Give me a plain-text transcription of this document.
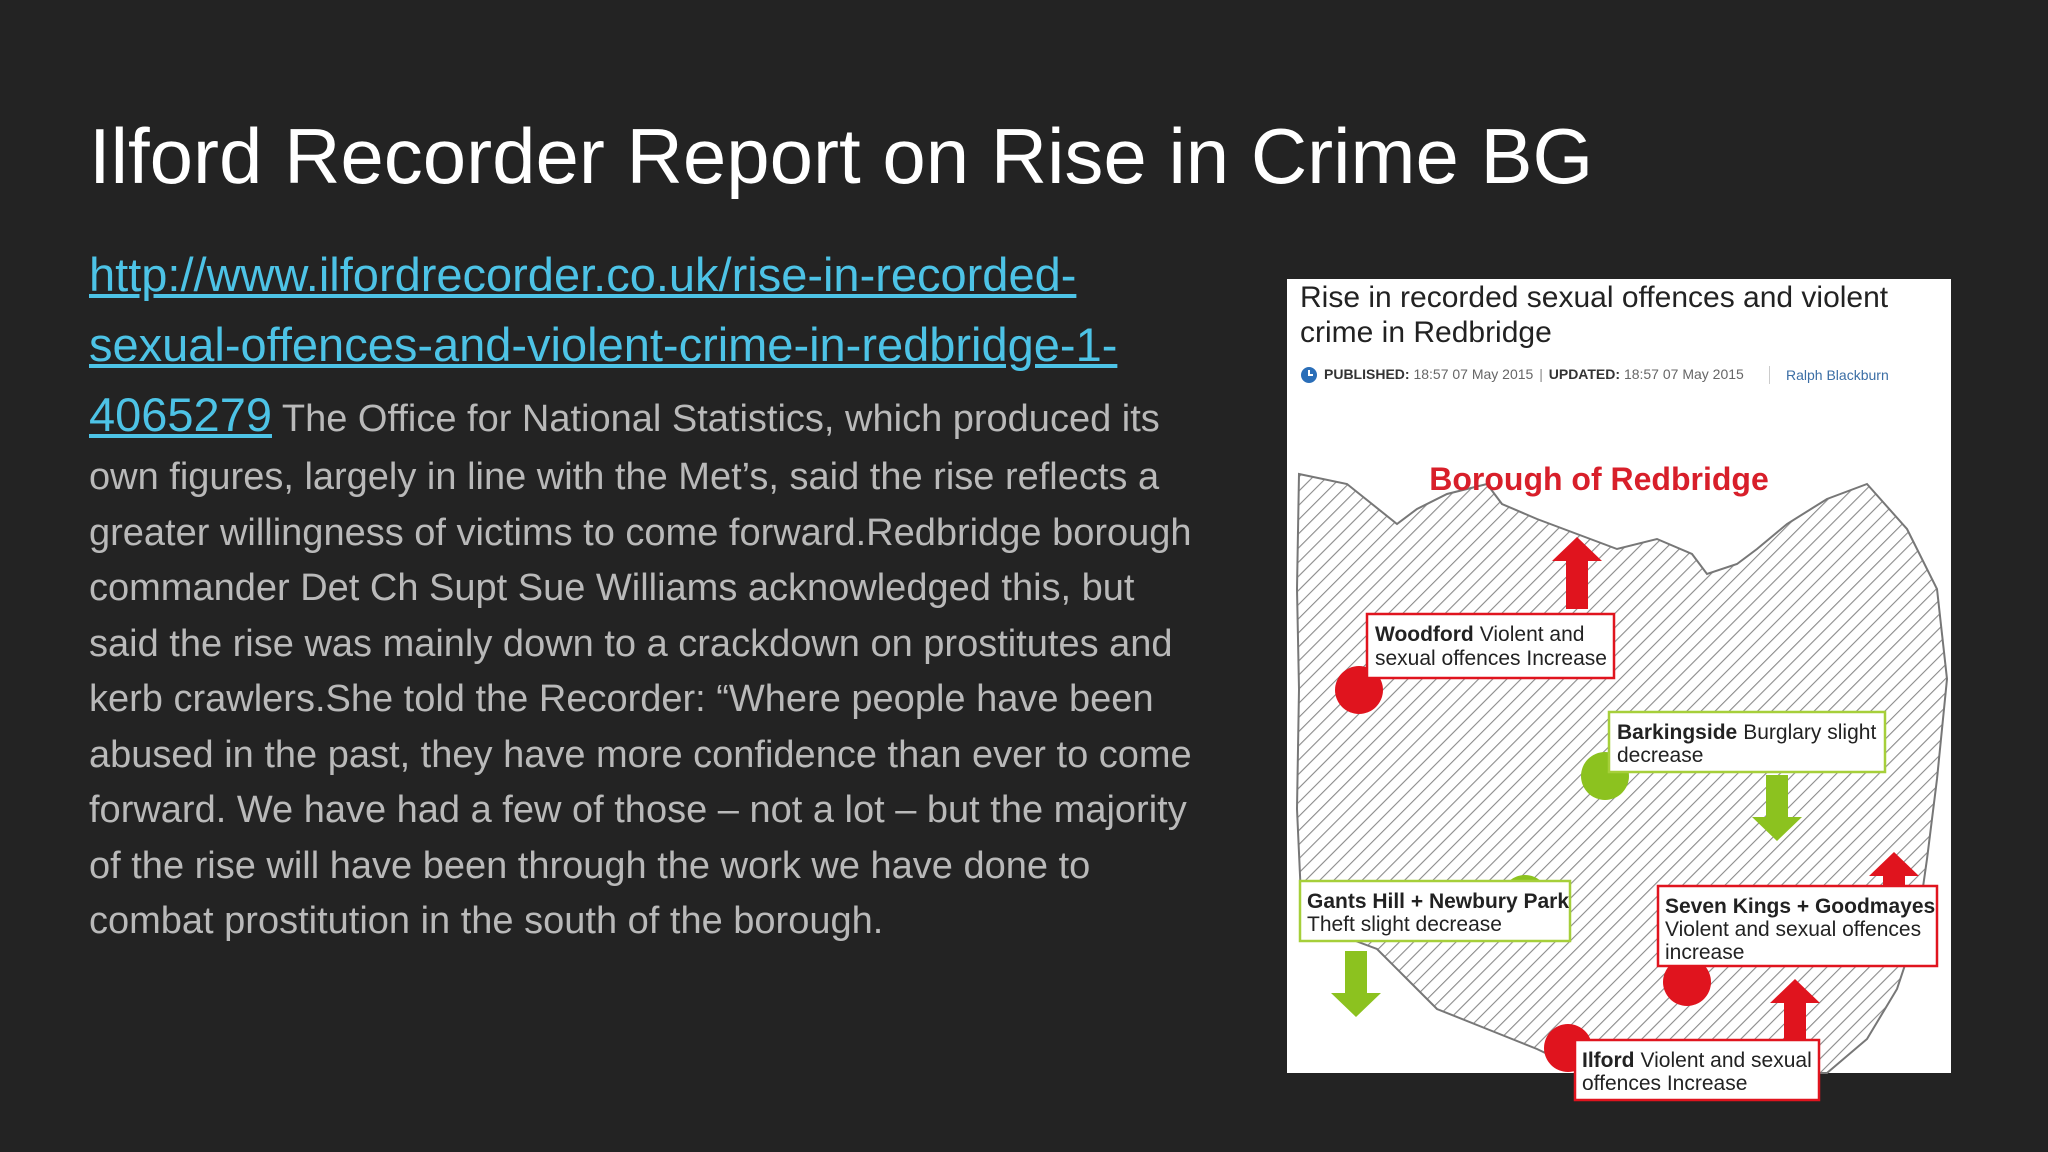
Ilford Recorder Report on Rise in Crime BG

http://www.ilfordrecorder.co.uk/rise-in-recorded-sexual-offences-and-violent-crime-in-redbridge-1-4065279 The Office for National Statistics, which produced its own figures, largely in line with the Met’s, said the rise reflects a greater willingness of victims to come forward.Redbridge borough commander Det Ch Supt Sue Williams acknowledged this, but said the rise was mainly down to a crackdown on prostitutes and kerb crawlers.She told the Recorder: “Where people have been abused in the past, they have more confidence than ever to come forward. We have had a few of those – not a lot – but the majority of the rise will have been through the work we have done to combat prostitution in the south of the borough.

Rise in recorded sexual offences and violent crime in Redbridge

PUBLISHED: 18:57 07 May 2015 | UPDATED: 18:57 07 May 2015	Ralph Blackburn
Borough of Redbridge
Woodford Violent and
sexual offences Increase
Barkingside Burglary slight
decrease
Gants Hill + Newbury Park
Theft slight decrease
Seven Kings + Goodmayes
Violent and sexual offences
increase
Ilford Violent and sexual
offences Increase
